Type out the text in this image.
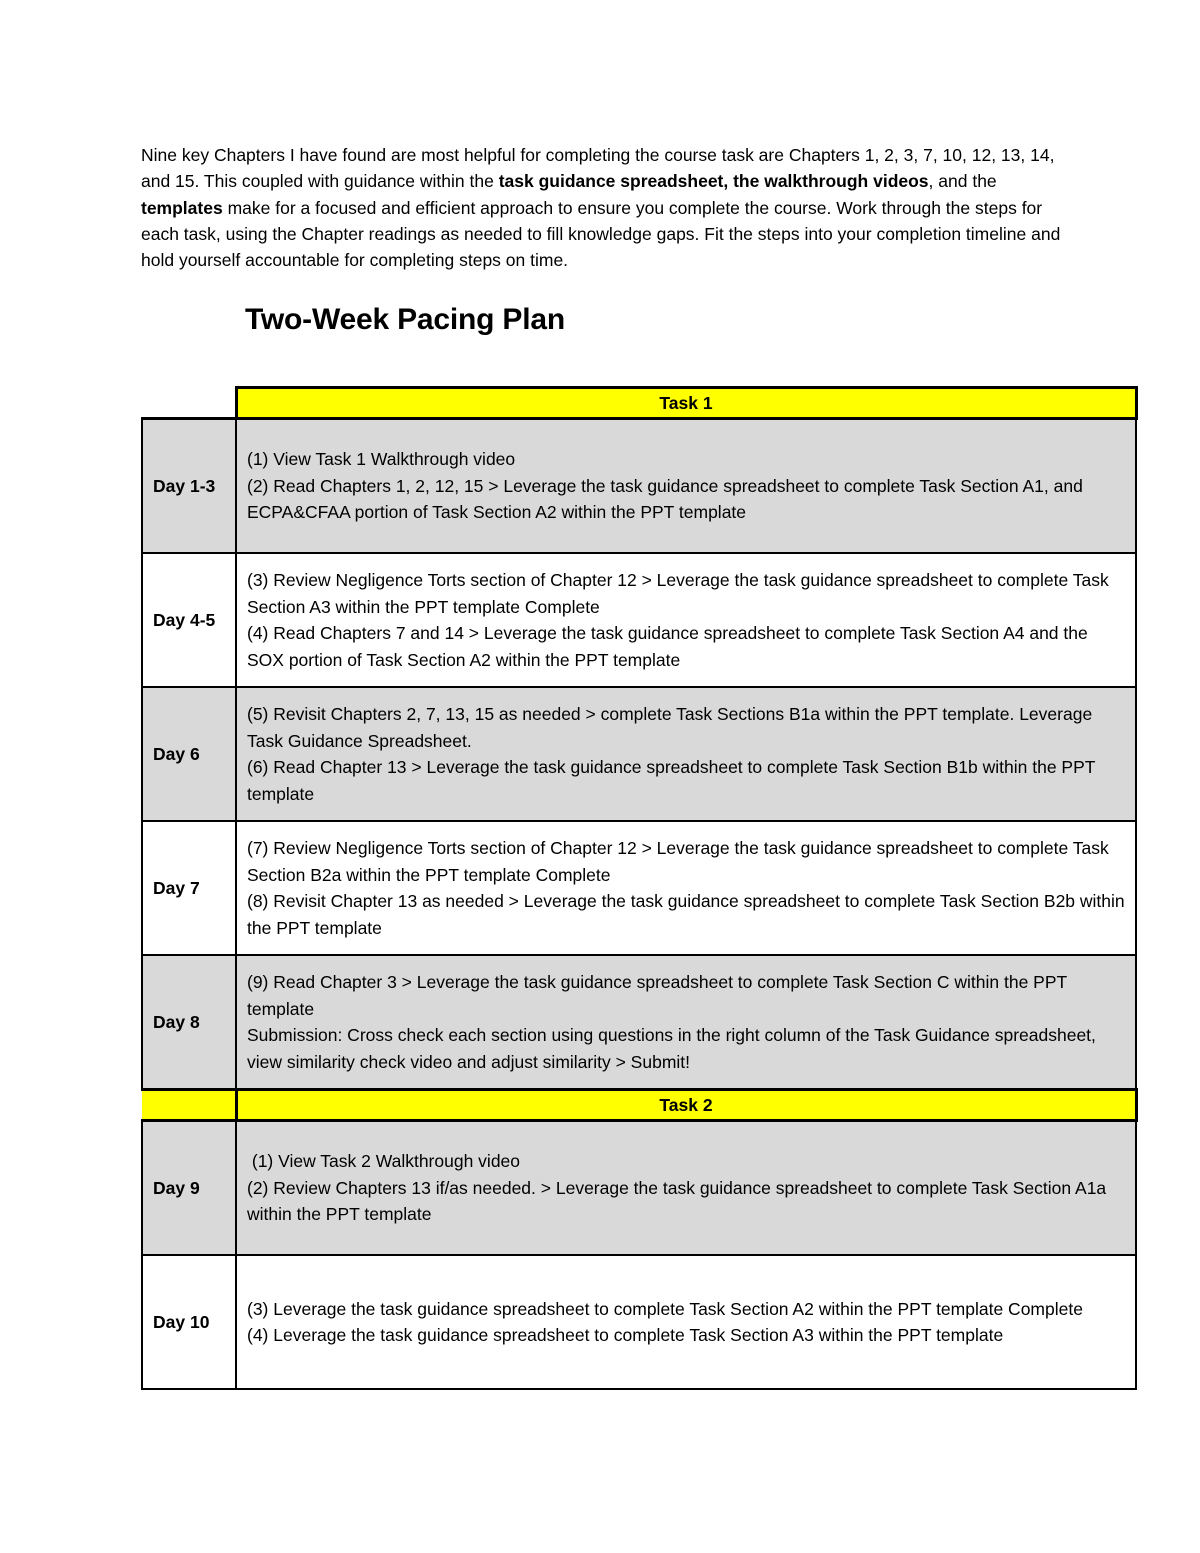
Nine key Chapters I have found are most helpful for completing the course task are Chapters 1, 2, 3, 7, 10, 12, 13, 14, and 15. This coupled with guidance within the task guidance spreadsheet, the walkthrough videos, and the templates make for a focused and efficient approach to ensure you complete the course. Work through the steps for each task, using the Chapter readings as needed to fill knowledge gaps. Fit the steps into your completion timeline and hold yourself accountable for completing steps on time.

Two-Week Pacing Plan
	Task 1
Day 1-3	(1) View Task 1 Walkthrough video
(2) Read Chapters 1, 2, 12, 15 > Leverage the task guidance spreadsheet to complete Task Section A1, and ECPA&CFAA portion of Task Section A2 within the PPT template

Day 4-5	(3) Review Negligence Torts section of Chapter 12 > Leverage the task guidance spreadsheet to complete Task Section A3 within the PPT template Complete
(4) Read Chapters 7 and 14 > Leverage the task guidance spreadsheet to complete Task Section A4 and the SOX portion of Task Section A2 within the PPT template

Day 6	(5) Revisit Chapters 2, 7, 13, 15 as needed > complete Task Sections B1a within the PPT template. Leverage Task Guidance Spreadsheet.
(6) Read Chapter 13 > Leverage the task guidance spreadsheet to complete Task Section B1b within the PPT template

Day 7	(7) Review Negligence Torts section of Chapter 12 > Leverage the task guidance spreadsheet to complete Task Section B2a within the PPT template Complete
(8) Revisit Chapter 13 as needed > Leverage the task guidance spreadsheet to complete Task Section B2b within the PPT template

Day 8	(9) Read Chapter 3 > Leverage the task guidance spreadsheet to complete Task Section C within the PPT template
Submission: Cross check each section using questions in the right column of the Task Guidance spreadsheet, view similarity check video and adjust similarity > Submit!

	Task 2
Day 9	(1) View Task 2 Walkthrough video
(2) Review Chapters 13 if/as needed. > Leverage the task guidance spreadsheet to complete Task Section A1a within the PPT template

Day 10	(3) Leverage the task guidance spreadsheet to complete Task Section A2 within the PPT template Complete
(4) Leverage the task guidance spreadsheet to complete Task Section A3 within the PPT template
